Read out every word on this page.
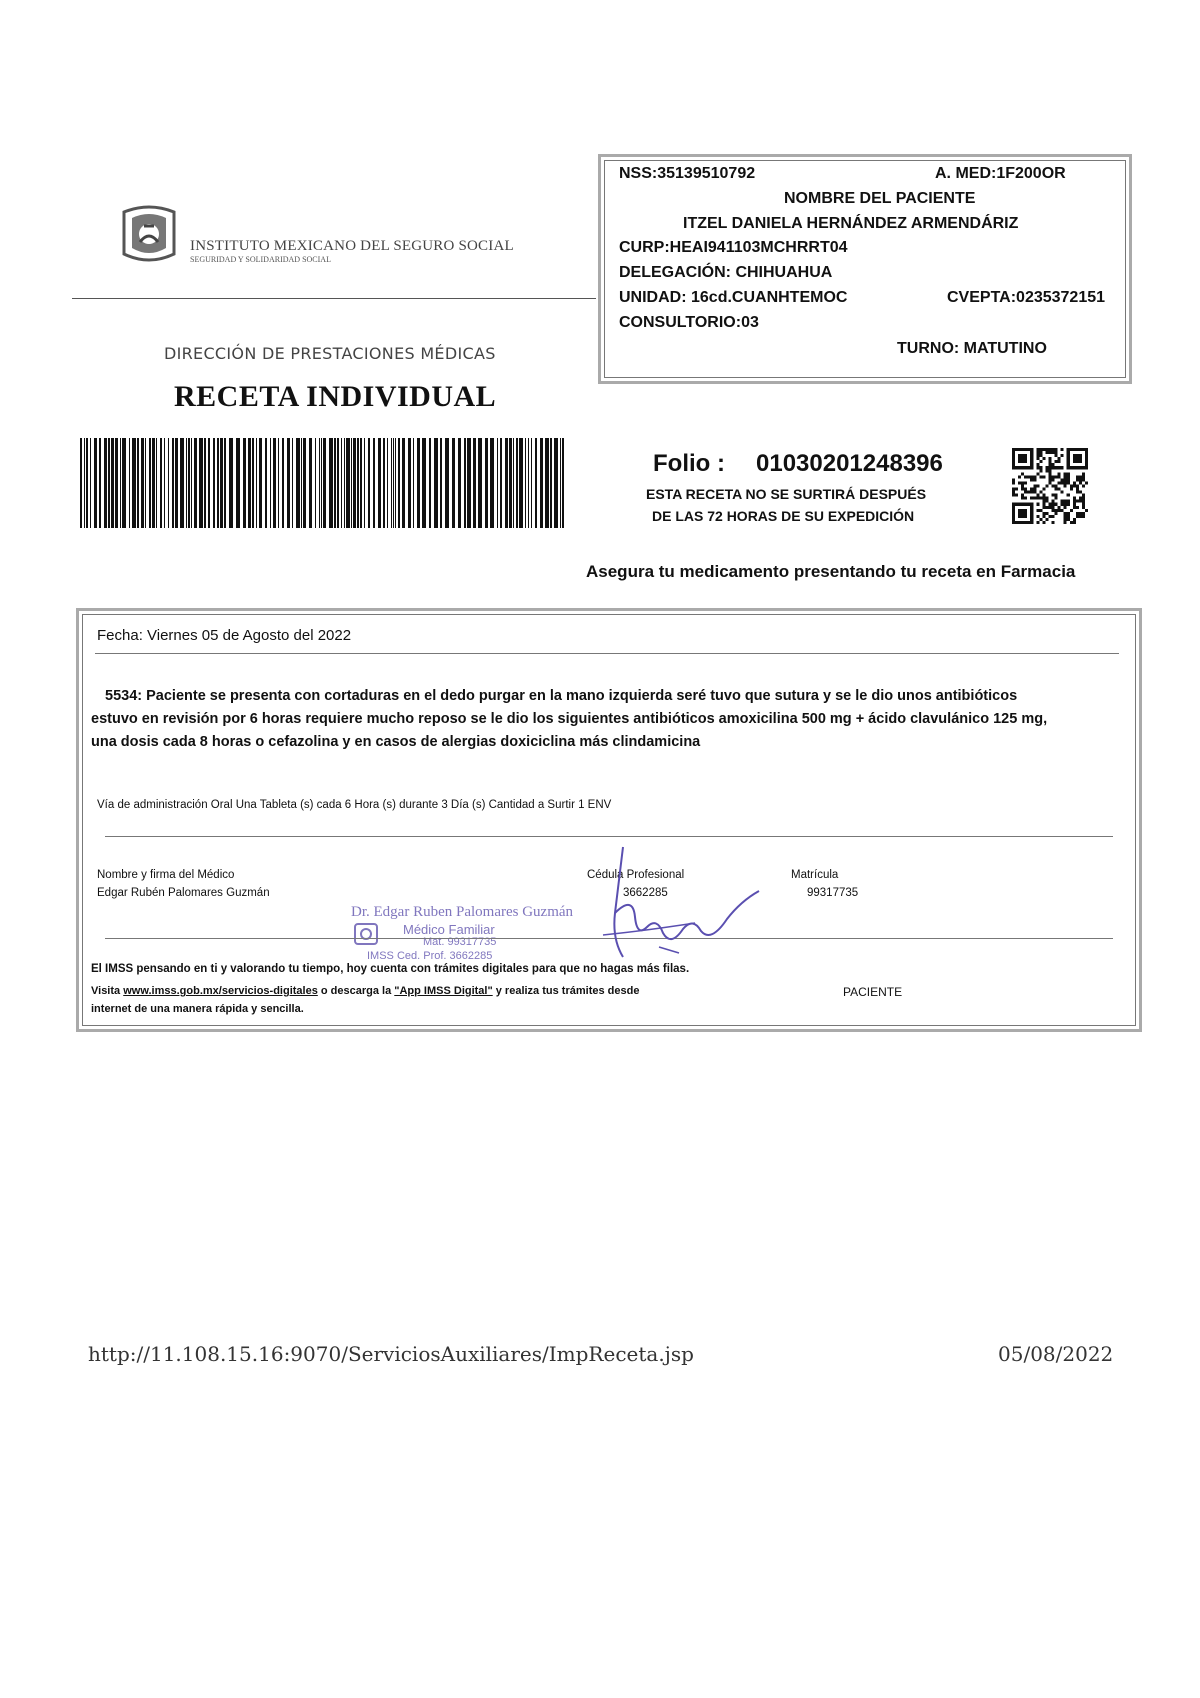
INSTITUTO MEXICANO DEL SEGURO SOCIAL
SEGURIDAD Y SOLIDARIDAD SOCIAL
DIRECCIÓN DE PRESTACIONES MÉDICAS
RECETA INDIVIDUAL
NSS:35139510792	A. MED:1F200OR
NOMBRE DEL PACIENTE
ITZEL DANIELA HERNÁNDEZ ARMENDÁRIZ
CURP:HEAI941103MCHRRT04
DELEGACIÓN: CHIHUAHUA
UNIDAD: 16cd.CUANHTEMOC	CVEPTA:0235372151
CONSULTORIO:03
TURNO: MATUTINO
Folio : 01030201248396
ESTA RECETA NO SE SURTIRÁ DESPUÉS
DE LAS 72 HORAS DE SU EXPEDICIÓN
Asegura tu medicamento presentando tu receta en Farmacia
Fecha: Viernes 05 de Agosto del 2022
5534: Paciente se presenta con cortaduras en el dedo purgar en la mano izquierda seré tuvo que sutura y se le dio unos antibióticos
estuvo en revisión por 6 horas requiere mucho reposo se le dio los siguientes antibióticos amoxicilina 500 mg + ácido clavulánico 125 mg,
una dosis cada 8 horas o cefazolina y en casos de alergias doxiciclina más clindamicina
Vía de administración Oral Una Tableta (s) cada 6 Hora (s) durante 3 Día (s) Cantidad a Surtir 1 ENV
Nombre y firma del Médico
Edgar Rubén Palomares Guzmán
Cédula Profesional
3662285
Matrícula
99317735
Dr. Edgar Ruben Palomares Guzmán
Médico Familiar
Mat. 99317735
IMSS Ced. Prof. 3662285
El IMSS pensando en ti y valorando tu tiempo, hoy cuenta con trámites digitales para que no hagas más filas.
Visita www.imss.gob.mx/servicios-digitales o descarga la "App IMSS Digital" y realiza tus trámites desde
internet de una manera rápida y sencilla.
PACIENTE
http://11.108.15.16:9070/ServiciosAuxiliares/ImpReceta.jsp	05/08/2022
